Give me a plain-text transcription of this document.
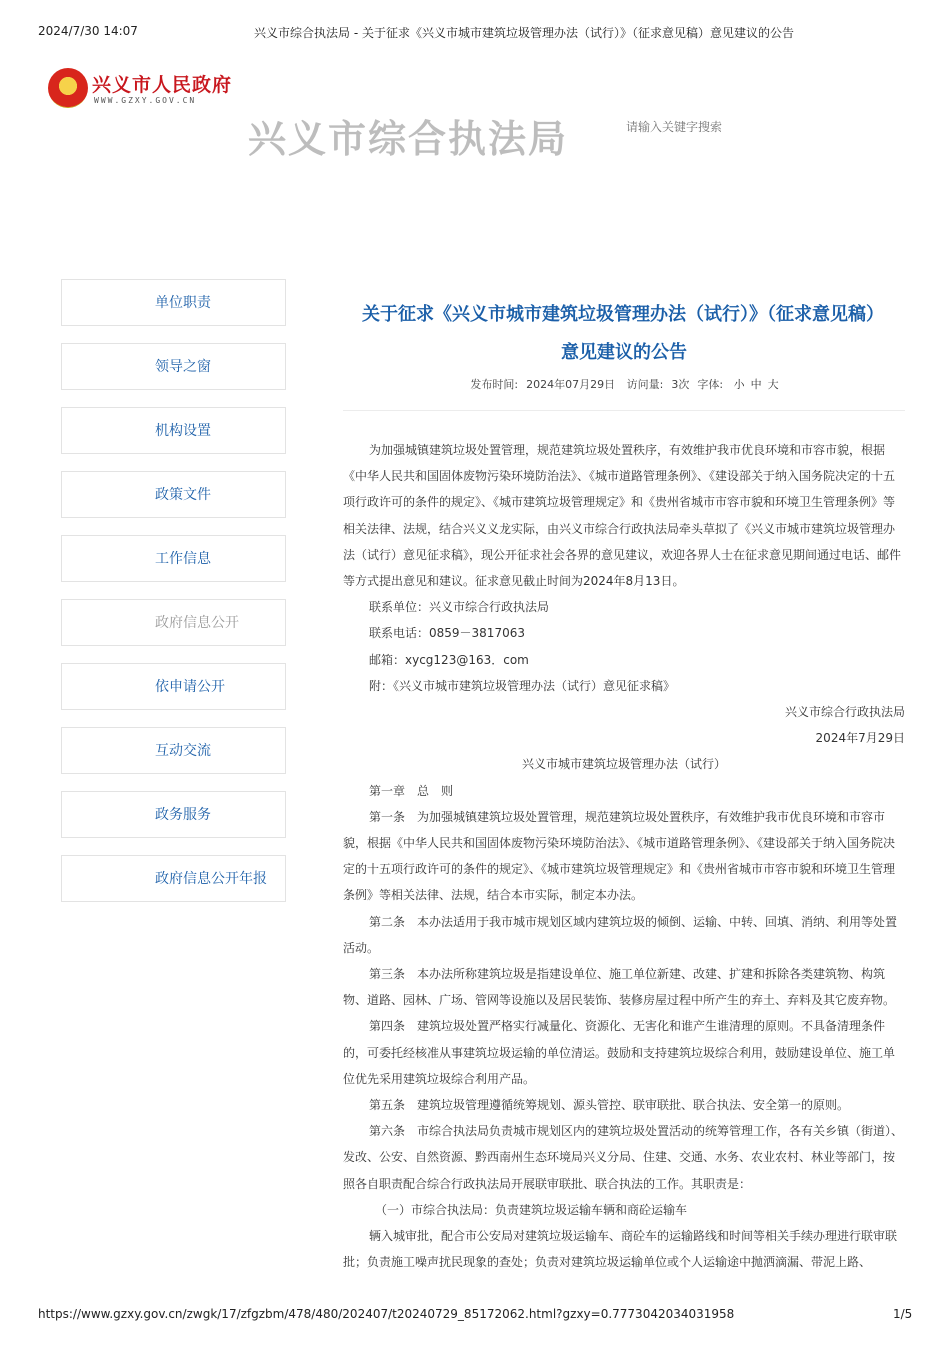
2024/7/30 14:07	兴义市综合执法局 - 关于征求《兴义市城市建筑垃圾管理办法（试行）》（征求意见稿）意见建议的公告
兴义市人民政府
WWW.GZXY.GOV.CN
兴义市综合执法局
请输入关键字搜索
单位职责
领导之窗
机构设置
政策文件
工作信息
政府信息公开
依申请公开
互动交流
政务服务
政府信息公开年报
关于征求《兴义市城市建筑垃圾管理办法（试行）》（征求意见稿）
意见建议的公告
发布时间: 2024年07月29日 访问量: 3次 字体: 小 中 大

为加强城镇建筑垃圾处置管理，规范建筑垃圾处置秩序，有效维护我市优良环境和市容市貌，根据《中华人民共和国固体废物污染环境防治法》、《城市道路管理条例》、《建设部关于纳入国务院决定的十五项行政许可的条件的规定》、《城市建筑垃圾管理规定》和《贵州省城市市容市貌和环境卫生管理条例》等相关法律、法规，结合兴义义龙实际，由兴义市综合行政执法局牵头草拟了《兴义市城市建筑垃圾管理办法（试行）意见征求稿》，现公开征求社会各界的意见建议，欢迎各界人士在征求意见期间通过电话、邮件等方式提出意见和建议。征求意见截止时间为2024年8月13日。

联系单位：兴义市综合行政执法局

联系电话：0859－3817063

邮箱：xycg123@163．com

附：《兴义市城市建筑垃圾管理办法（试行）意见征求稿》

兴义市综合行政执法局

2024年7月29日

兴义市城市建筑垃圾管理办法（试行）

第一章　总　则

第一条　为加强城镇建筑垃圾处置管理，规范建筑垃圾处置秩序，有效维护我市优良环境和市容市貌，根据《中华人民共和国固体废物污染环境防治法》、《城市道路管理条例》、《建设部关于纳入国务院决定的十五项行政许可的条件的规定》、《城市建筑垃圾管理规定》和《贵州省城市市容市貌和环境卫生管理条例》等相关法律、法规，结合本市实际，制定本办法。

第二条　本办法适用于我市城市规划区域内建筑垃圾的倾倒、运输、中转、回填、消纳、利用等处置活动。

第三条　本办法所称建筑垃圾是指建设单位、施工单位新建、改建、扩建和拆除各类建筑物、构筑物、道路、园林、广场、管网等设施以及居民装饰、装修房屋过程中所产生的弃土、弃料及其它废弃物。

第四条　建筑垃圾处置严格实行减量化、资源化、无害化和谁产生谁清理的原则。不具备清理条件的，可委托经核准从事建筑垃圾运输的单位清运。鼓励和支持建筑垃圾综合利用，鼓励建设单位、施工单位优先采用建筑垃圾综合利用产品。

第五条　建筑垃圾管理遵循统筹规划、源头管控、联审联批、联合执法、安全第一的原则。

第六条　市综合执法局负责城市规划区内的建筑垃圾处置活动的统筹管理工作，各有关乡镇（街道）、发改、公安、自然资源、黔西南州生态环境局兴义分局、住建、交通、水务、农业农村、林业等部门，按照各自职责配合综合行政执法局开展联审联批、联合执法的工作。其职责是：

（一）市综合执法局：负责建筑垃圾运输车辆和商砼运输车

辆入城审批，配合市公安局对建筑垃圾运输车、商砼车的运输路线和时间等相关手续办理进行联审联批；负责施工噪声扰民现象的查处；负责对建筑垃圾运输单位或个人运输途中抛洒滴漏、带泥上路、

https://www.gzxy.gov.cn/zwgk/17/zfgzbm/478/480/202407/t20240729_85172062.html?gzxy=0.7773042034031958	1/5
